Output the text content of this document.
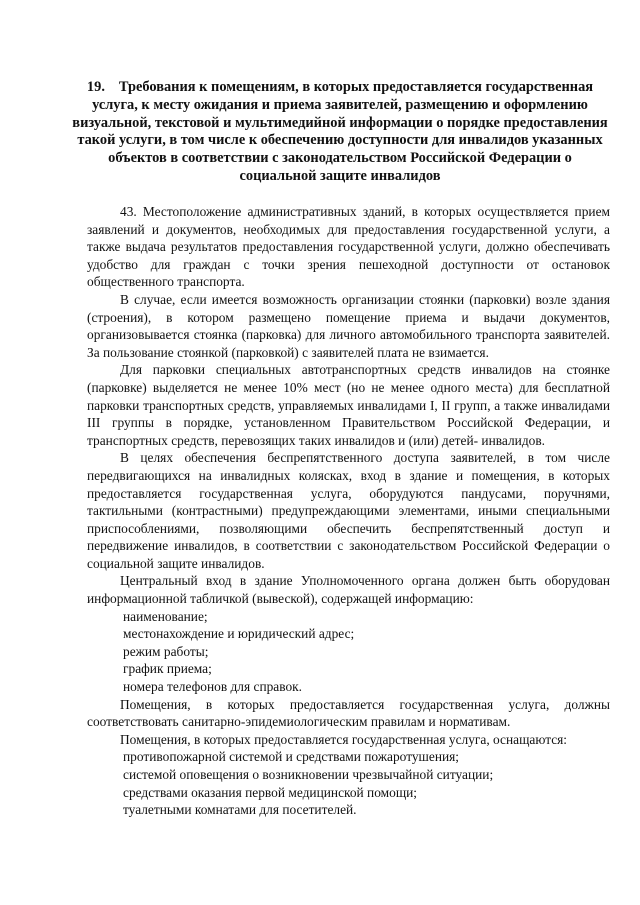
19. Требования к помещениям, в которых предоставляется государственная услуга, к месту ожидания и приема заявителей, размещению и оформлению визуальной, текстовой и мультимедийной информации о порядке предоставления такой услуги, в том числе к обеспечению доступности для инвалидов указанных объектов в соответствии с законодательством Российской Федерации о социальной защите инвалидов

43. Местоположение административных зданий, в которых осуществляется прием заявлений и документов, необходимых для предоставления государственной услуги, а также выдача результатов предоставления государственной услуги, должно обеспечивать удобство для граждан с точки зрения пешеходной доступности от остановок общественного транспорта.

В случае, если имеется возможность организации стоянки (парковки) возле здания (строения), в котором размещено помещение приема и выдачи документов, организовывается стоянка (парковка) для личного автомобильного транспорта заявителей. За пользование стоянкой (парковкой) с заявителей плата не взимается.

Для парковки специальных автотранспортных средств инвалидов на стоянке (парковке) выделяется не менее 10% мест (но не менее одного места) для бесплатной парковки транспортных средств, управляемых инвалидами I, II групп, а также инвалидами III группы в порядке, установленном Правительством Российской Федерации, и транспортных средств, перевозящих таких инвалидов и (или) детей- инвалидов.

В целях обеспечения беспрепятственного доступа заявителей, в том числе передвигающихся на инвалидных колясках, вход в здание и помещения, в которых предоставляется государственная услуга, оборудуются пандусами, поручнями, тактильными (контрастными) предупреждающими элементами, иными специальными приспособлениями, позволяющими обеспечить беспрепятственный доступ и передвижение инвалидов, в соответствии с законодательством Российской Федерации о социальной защите инвалидов.

Центральный вход в здание Уполномоченного органа должен быть оборудован информационной табличкой (вывеской), содержащей информацию:

наименование;

местонахождение и юридический адрес;

режим работы;

график приема;

номера телефонов для справок.

Помещения, в которых предоставляется государственная услуга, должны соответствовать санитарно-эпидемиологическим правилам и нормативам.

Помещения, в которых предоставляется государственная услуга, оснащаются:

противопожарной системой и средствами пожаротушения;

системой оповещения о возникновении чрезвычайной ситуации;

средствами оказания первой медицинской помощи;

туалетными комнатами для посетителей.
